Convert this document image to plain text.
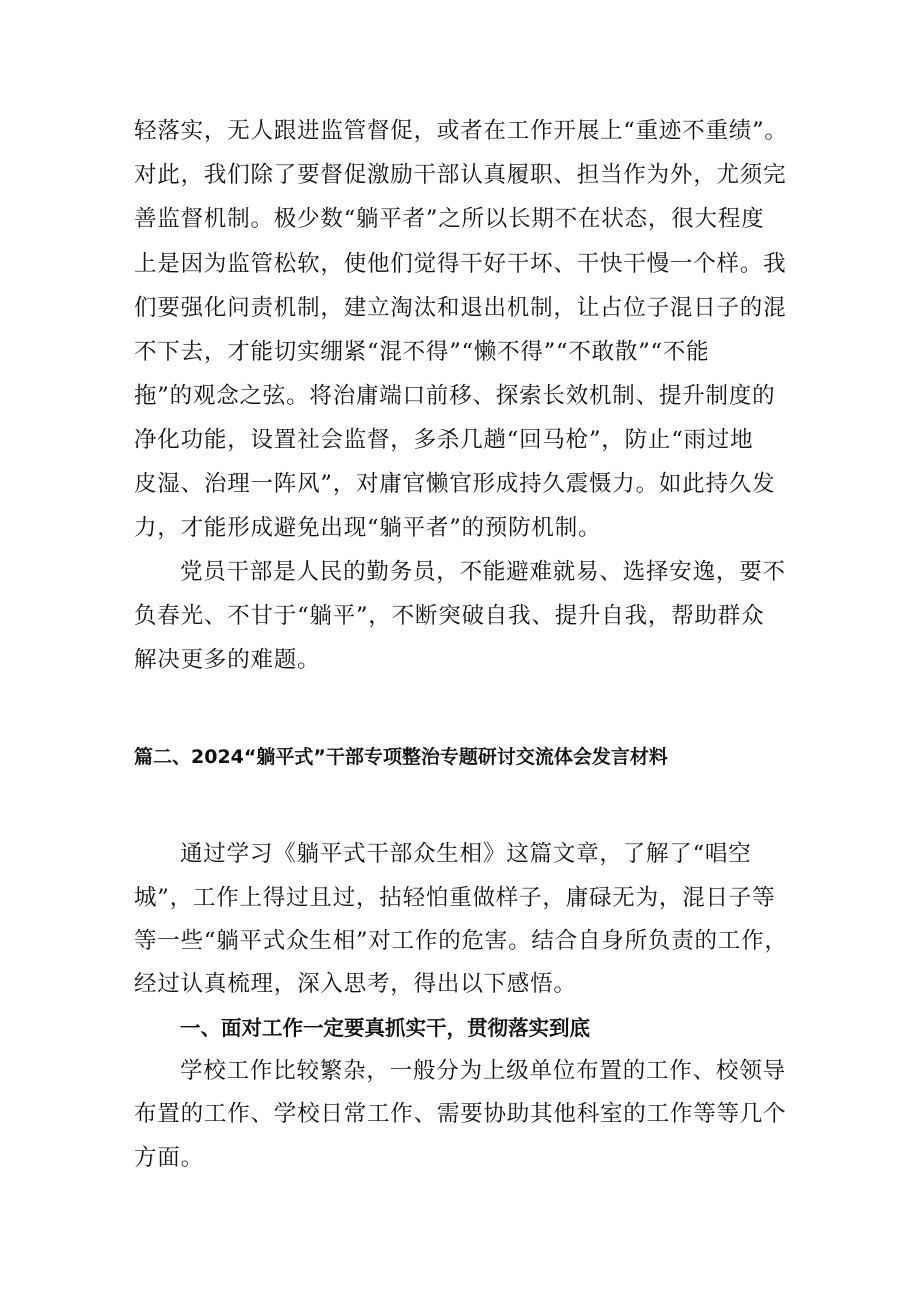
轻落实，无人跟进监管督促，或者在工作开展上“重迹不重绩”。

对此，我们除了要督促激励干部认真履职、担当作为外，尤须完

善监督机制。极少数“躺平者”之所以长期不在状态，很大程度

上是因为监管松软，使他们觉得干好干坏、干快干慢一个样。我

们要强化问责机制，建立淘汰和退出机制，让占位子混日子的混

不下去，才能切实绷紧“混不得”“懒不得”“不敢散”“不能

拖”的观念之弦。将治庸端口前移、探索长效机制、提升制度的

净化功能，设置社会监督，多杀几趟“回马枪”，防止“雨过地

皮湿、治理一阵风”，对庸官懒官形成持久震慑力。如此持久发

力，才能形成避免出现“躺平者”的预防机制。

党员干部是人民的勤务员，不能避难就易、选择安逸，要不

负春光、不甘于“躺平”，不断突破自我、提升自我，帮助群众

解决更多的难题。

篇二、2024“躺平式”干部专项整治专题研讨交流体会发言材料

通过学习《躺平式干部众生相》这篇文章，了解了“唱空

城”，工作上得过且过，拈轻怕重做样子，庸碌无为，混日子等

等一些“躺平式众生相”对工作的危害。结合自身所负责的工作，

经过认真梳理，深入思考，得出以下感悟。

一、面对工作一定要真抓实干，贯彻落实到底

学校工作比较繁杂，一般分为上级单位布置的工作、校领导

布置的工作、学校日常工作、需要协助其他科室的工作等等几个

方面。
